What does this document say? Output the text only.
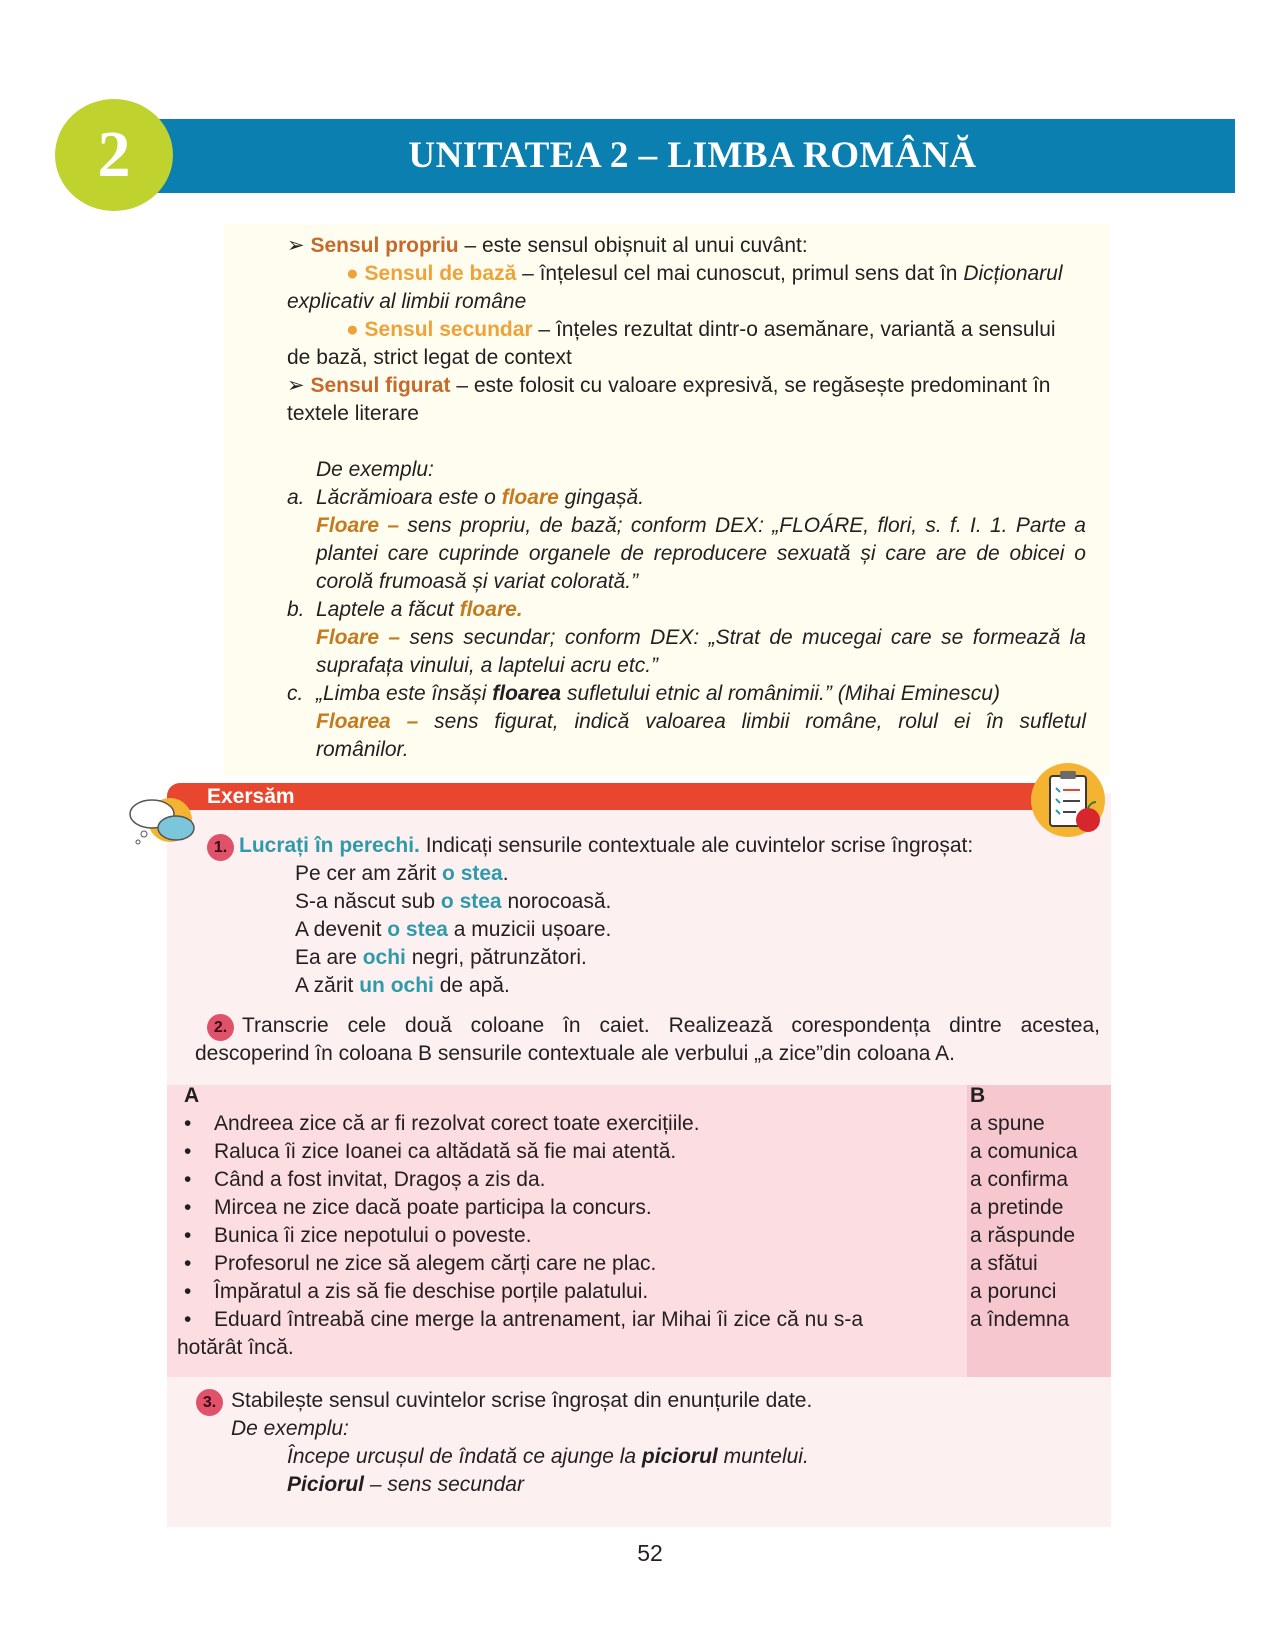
UNITATEA 2 – LIMBA ROMÂNĂ
2
➢ Sensul propriu – este sensul obișnuit al unui cuvânt:
● Sensul de bază – înțelesul cel mai cunoscut, primul sens dat în Dicționarul
explicativ al limbii române
● Sensul secundar – înțeles rezultat dintr-o asemănare, variantă a sensului
de bază, strict legat de context
➢ Sensul figurat – este folosit cu valoare expresivă, se regăsește predominant în
textele literare
De exemplu:
a. Lăcrămioara este o floare gingașă.
Floare – sens propriu, de bază; conform DEX: „FLOÁRE, flori, s. f. I. 1. Parte a
plantei care cuprinde organele de reproducere sexuată și care are de obicei o
corolă frumoasă și variat colorată.”
b. Laptele a făcut floare.
Floare – sens secundar; conform DEX: „Strat de mucegai care se formează la
suprafața vinului, a laptelui acru etc.”
c. „Limba este însăși floarea sufletului etnic al românimii.” (Mihai Eminescu)
Floarea – sens figurat, indică valoarea limbii române, rolul ei în sufletul
românilor.
Exersăm
1. Lucrați în perechi. Indicați sensurile contextuale ale cuvintelor scrise îngroșat:
Pe cer am zărit o stea.
S-a născut sub o stea norocoasă.
A devenit o stea a muzicii ușoare.
Ea are ochi negri, pătrunzători.
A zărit un ochi de apă.
2. Transcrie cele două coloane în caiet. Realizează corespondența dintre acestea,
descoperind în coloana B sensurile contextuale ale verbului „a zice”din coloana A.
A	B
• Andreea zice că ar fi rezolvat corect toate exercițiile.
• Raluca îi zice Ioanei ca altădată să fie mai atentă.
• Când a fost invitat, Dragoș a zis da.
• Mircea ne zice dacă poate participa la concurs.
• Bunica îi zice nepotului o poveste.
• Profesorul ne zice să alegem cărți care ne plac.
• Împăratul a zis să fie deschise porțile palatului.
• Eduard întreabă cine merge la antrenament, iar Mihai îi zice că nu s-a
hotărât încă.
a spune
a comunica
a confirma
a pretinde
a răspunde
a sfătui
a porunci
a îndemna
3. Stabilește sensul cuvintelor scrise îngroșat din enunțurile date.
De exemplu:
Începe urcușul de îndată ce ajunge la piciorul muntelui.
Piciorul – sens secundar
52
